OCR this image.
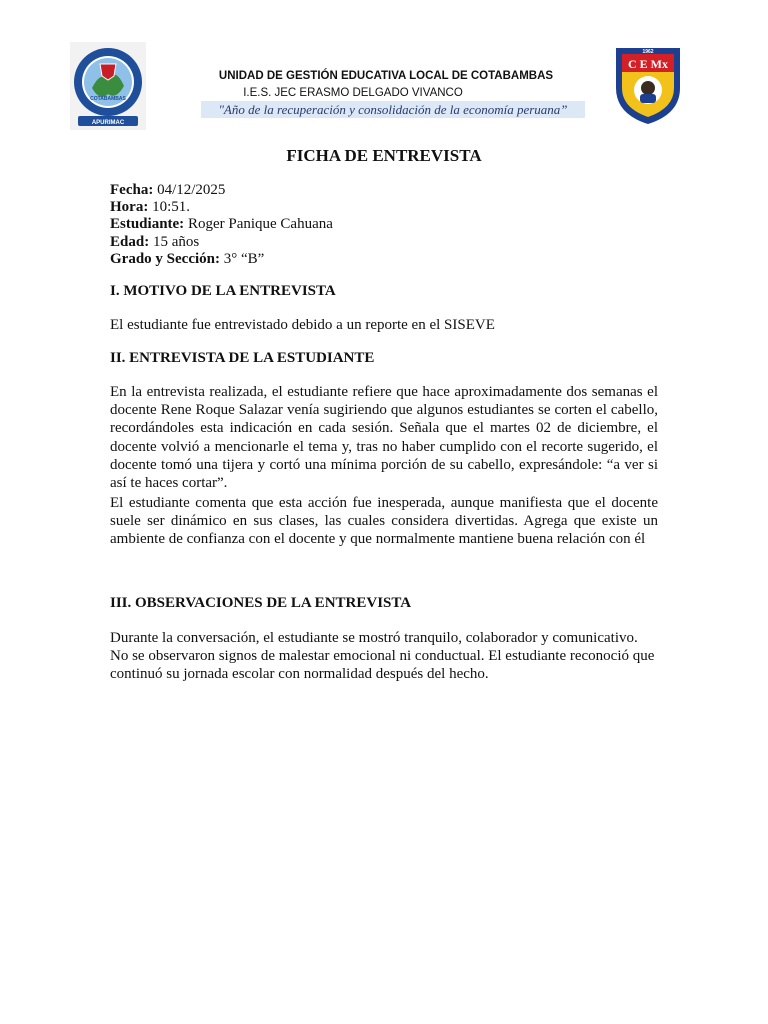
APURIMAC
COTABAMBAS
1962
C E Mx
UNIDAD DE GESTIÓN EDUCATIVA LOCAL DE COTABAMBAS
I.E.S. JEC ERASMO DELGADO VIVANCO
"Año de la recuperación y consolidación de la economía peruana”
FICHA DE ENTREVISTA
Fecha: 04/12/2025
Hora: 10:51.
Estudiante: Roger Panique Cahuana
Edad: 15 años
Grado y Sección: 3° “B”
I. MOTIVO DE LA ENTREVISTA

El estudiante fue entrevistado debido a un reporte en el SISEVE

II. ENTREVISTA DE LA ESTUDIANTE

En la entrevista realizada, el estudiante refiere que hace aproximadamente dos semanas el docente Rene Roque Salazar venía sugiriendo que algunos estudiantes se corten el cabello, recordándoles esta indicación en cada sesión. Señala que el martes 02 de diciembre, el docente volvió a mencionarle el tema y, tras no haber cumplido con el recorte sugerido, el docente tomó una tijera y cortó una mínima porción de su cabello, expresándole: “a ver si así te haces cortar”.

El estudiante comenta que esta acción fue inesperada, aunque manifiesta que el docente suele ser dinámico en sus clases, las cuales considera divertidas. Agrega que existe un ambiente de confianza con el docente y que normalmente mantiene buena relación con él

III. OBSERVACIONES DE LA ENTREVISTA

Durante la conversación, el estudiante se mostró tranquilo, colaborador y comunicativo. No se observaron signos de malestar emocional ni conductual. El estudiante reconoció que continuó su jornada escolar con normalidad después del hecho.
